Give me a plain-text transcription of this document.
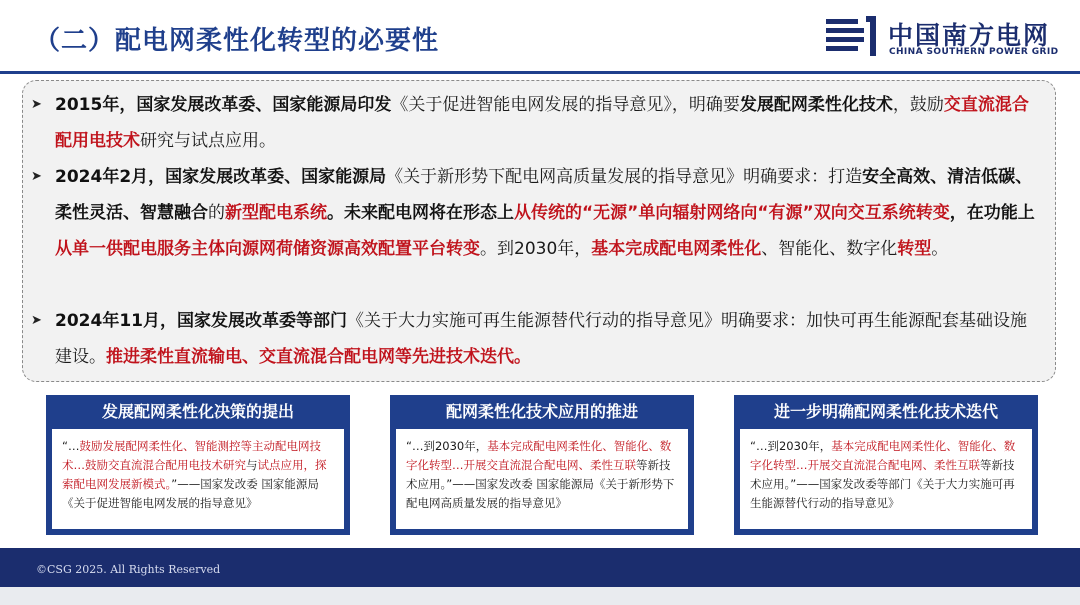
（二）配电网柔性化转型的必要性	中国南方电网
CHINA SOUTHERN POWER GRID
➤ 2015年，国家发展改革委、国家能源局印发《关于促进智能电网发展的指导意见》，明确要发展配网柔性化技术，鼓励交直流混合配用电技术研究与试点应用。
➤ 2024年2月，国家发展改革委、国家能源局《关于新形势下配电网高质量发展的指导意见》明确要求：打造安全高效、清洁低碳、柔性灵活、智慧融合的新型配电系统。未来配电网将在形态上从传统的“无源”单向辐射网络向“有源”双向交互系统转变，在功能上从单一供配电服务主体向源网荷储资源高效配置平台转变。到2030年，基本完成配电网柔性化、智能化、数字化转型。
➤ 2024年11月，国家发展改革委等部门《关于大力实施可再生能源替代行动的指导意见》明确要求：加快可再生能源配套基础设施建设。推进柔性直流输电、交直流混合配电网等先进技术迭代。
发展配网柔性化决策的提出
“…鼓励发展配网柔性化、智能测控等主动配电网技术…鼓励交直流混合配用电技术研究与试点应用，探索配电网发展新模式。”——国家发改委 国家能源局《关于促进智能电网发展的指导意见》
配网柔性化技术应用的推进
“…到2030年，基本完成配电网柔性化、智能化、数字化转型…开展交直流混合配电网、柔性互联等新技术应用。”——国家发改委 国家能源局《关于新形势下配电网高质量发展的指导意见》
进一步明确配网柔性化技术迭代
“…到2030年，基本完成配电网柔性化、智能化、数字化转型…开展交直流混合配电网、柔性互联等新技术应用。”——国家发改委等部门《关于大力实施可再生能源替代行动的指导意见》
©CSG 2025. All Rights Reserved
